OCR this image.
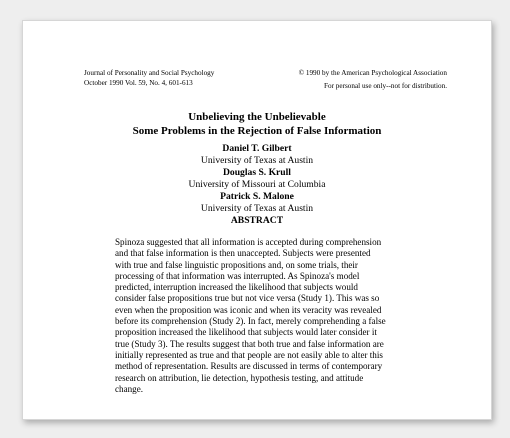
Journal of Personality and Social Psychology
October 1990 Vol. 59, No. 4, 601-613
© 1990 by the American Psychological Association
For personal use only--not for distribution.
Unbelieving the Unbelievable
Some Problems in the Rejection of False Information
Daniel T. Gilbert
University of Texas at Austin
Douglas S. Krull
University of Missouri at Columbia
Patrick S. Malone
University of Texas at Austin
ABSTRACT
Spinoza suggested that all information is accepted during comprehension
and that false information is then unaccepted. Subjects were presented
with true and false linguistic propositions and, on some trials, their
processing of that information was interrupted. As Spinoza's model
predicted, interruption increased the likelihood that subjects would
consider false propositions true but not vice versa (Study 1). This was so
even when the proposition was iconic and when its veracity was revealed
before its comprehension (Study 2). In fact, merely comprehending a false
proposition increased the likelihood that subjects would later consider it
true (Study 3). The results suggest that both true and false information are
initially represented as true and that people are not easily able to alter this
method of representation. Results are discussed in terms of contemporary
research on attribution, lie detection, hypothesis testing, and attitude
change.
